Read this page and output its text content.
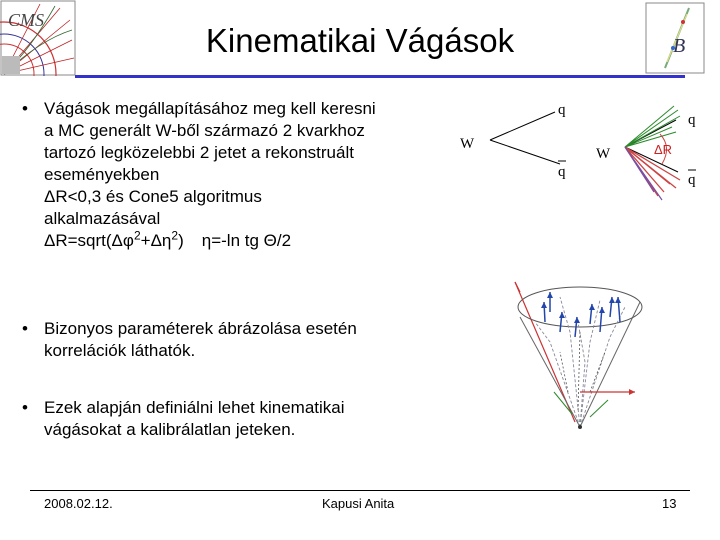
CMS
B
Kinematikai Vágások
• Vágások megállapításához meg kell keresni
a MC generált W-ből származó 2 kvarkhoz
tartozó legközelebbi 2 jetet a rekonstruált
eseményekben
ΔR<0,3 és Cone5 algoritmus
alkalmazásával
$\Delta R=sqrt(\Delta\varphi^2+\Delta\eta^2)$ η=-ln tg Θ/2
• Bizonyos paraméterek ábrázolása esetén
korrelációk láthatók.
• Ezek alapján definiálni lehet kinematikai
vágásokat a kalibrálatlan jeteken.
W
q
q
W
q
q
ΔR
2008.02.12.	Kapusi Anita	13
